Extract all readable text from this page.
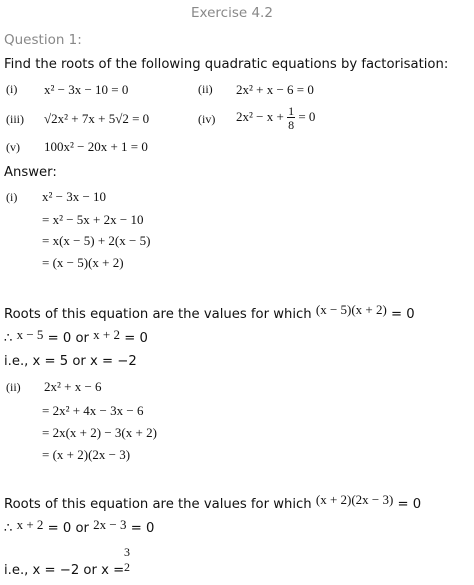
Exercise 4.2
Question 1:
Find the roots of the following quadratic equations by factorisation:
(i) x² − 3x − 10 = 0	(ii) 2x² + x − 6 = 0
(iii) √2x² + 7x + 5√2 = 0	(iv) $2x^2 - x + \frac{1}{8} = 0$
(v) 100x² − 20x + 1 = 0
Answer:
(i) x² − 3x − 10
= x² − 5x + 2x − 10
= x(x − 5) + 2(x − 5)
= (x − 5)(x + 2)
Roots of this equation are the values for which (x − 5)(x + 2) = 0
∴ x − 5 = 0 or x + 2 = 0
i.e., x = 5 or x = −2
(ii) 2x² + x − 6
= 2x² + 4x − 3x − 6
= 2x(x + 2) − 3(x + 2)
= (x + 2)(2x − 3)
Roots of this equation are the values for which (x + 2)(2x − 3) = 0
∴ x + 2 = 0 or 2x − 3 = 0
i.e., x = −2 or x =
3
2
